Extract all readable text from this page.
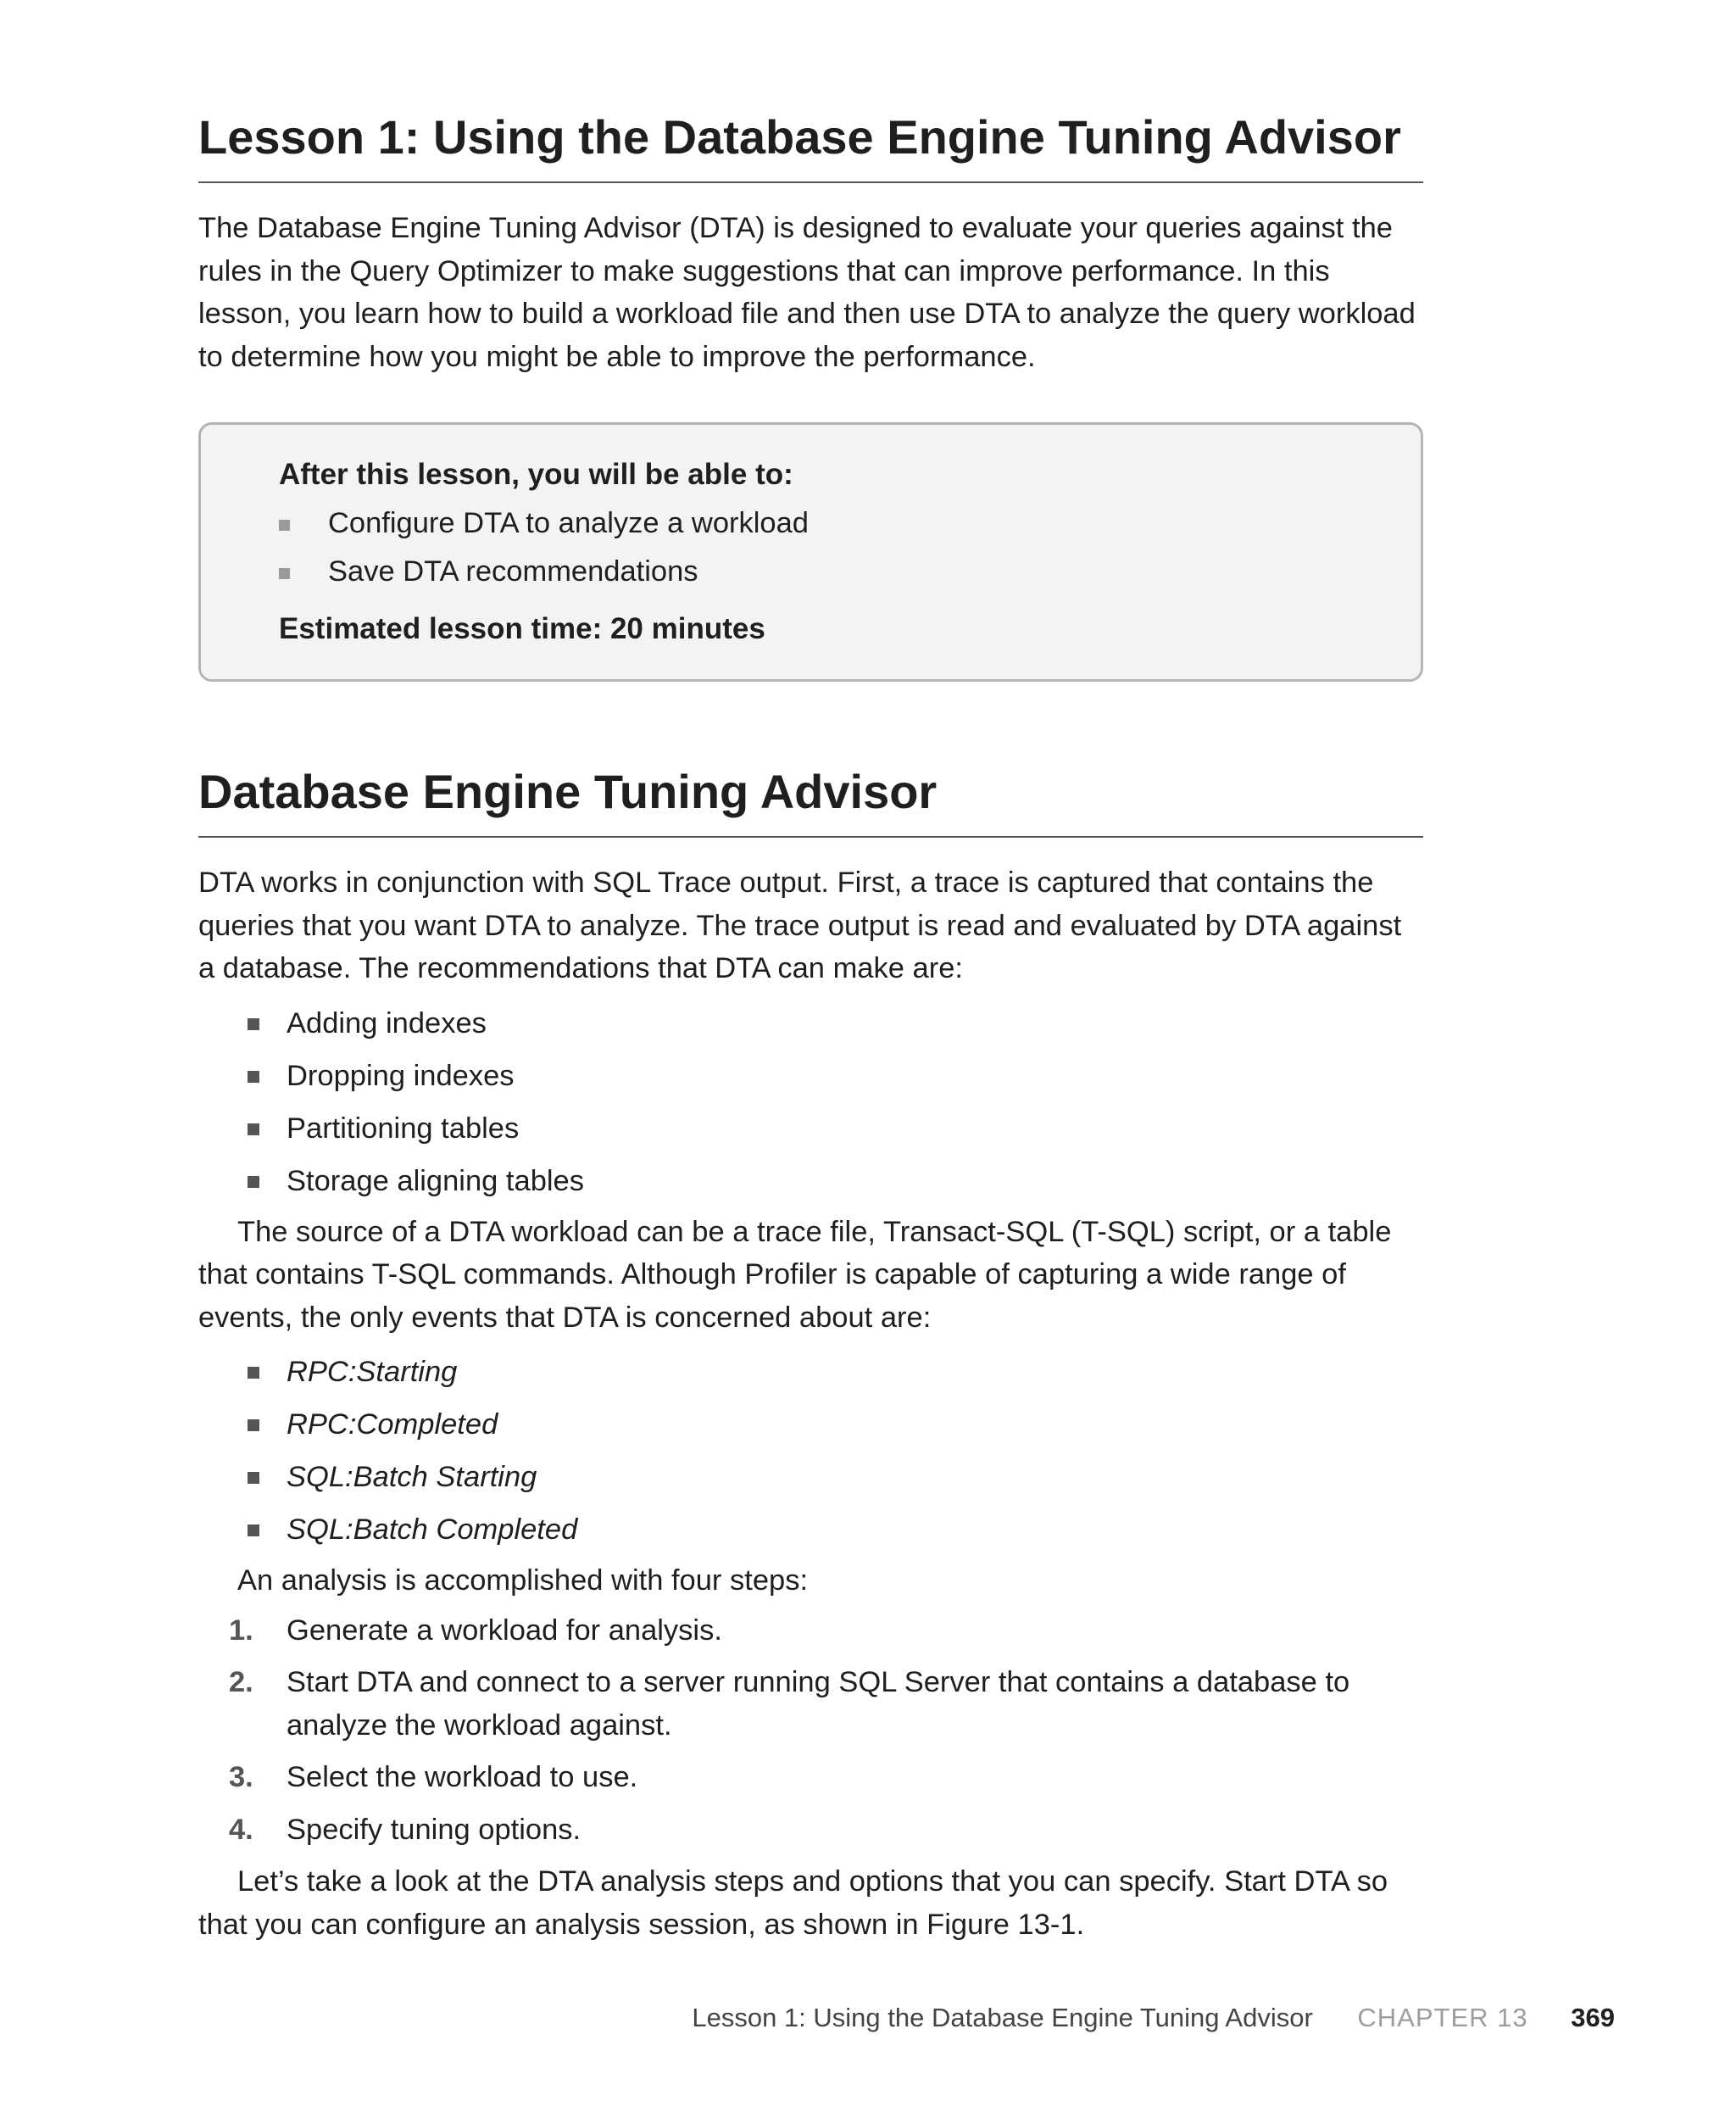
Lesson 1: Using the Database Engine Tuning Advisor

The Database Engine Tuning Advisor (DTA) is designed to evaluate your queries against the rules in the Query Optimizer to make suggestions that can improve performance. In this lesson, you learn how to build a workload file and then use DTA to analyze the query workload to determine how you might be able to improve the performance.

After this lesson, you will be able to:

Configure DTA to analyze a workload
Save DTA recommendations

Estimated lesson time: 20 minutes

Database Engine Tuning Advisor

DTA works in conjunction with SQL Trace output. First, a trace is captured that contains the queries that you want DTA to analyze. The trace output is read and evaluated by DTA against a database. The recommendations that DTA can make are:

Adding indexes
Dropping indexes
Partitioning tables
Storage aligning tables

The source of a DTA workload can be a trace file, Transact-SQL (T-SQL) script, or a table that contains T-SQL commands. Although Profiler is capable of capturing a wide range of events, the only events that DTA is concerned about are:

RPC:Starting
RPC:Completed
SQL:Batch Starting
SQL:Batch Completed

An analysis is accomplished with four steps:

1. Generate a workload for analysis.
2. Start DTA and connect to a server running SQL Server that contains a database to analyze the workload against.
3. Select the workload to use.
4. Specify tuning options.

Let’s take a look at the DTA analysis steps and options that you can specify. Start DTA so that you can configure an analysis session, as shown in Figure 13-1.

Lesson 1: Using the Database Engine Tuning Advisor CHAPTER 13 369
